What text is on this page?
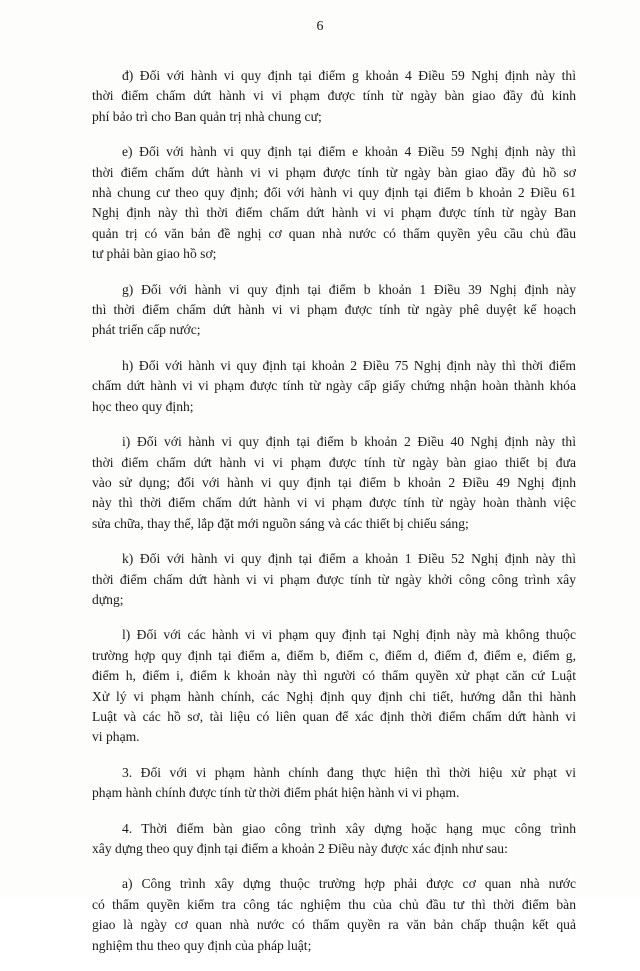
6

đ) Đối với hành vi quy định tại điểm g khoản 4 Điều 59 Nghị định này thì
thời điểm chấm dứt hành vi vi phạm được tính từ ngày bàn giao đầy đủ kinh
phí bảo trì cho Ban quản trị nhà chung cư;

e) Đối với hành vi quy định tại điểm e khoản 4 Điều 59 Nghị định này thì
thời điểm chấm dứt hành vi vi phạm được tính từ ngày bàn giao đầy đủ hồ sơ
nhà chung cư theo quy định; đối với hành vi quy định tại điểm b khoản 2 Điều 61
Nghị định này thì thời điểm chấm dứt hành vi vi phạm được tính từ ngày Ban
quản trị có văn bản đề nghị cơ quan nhà nước có thẩm quyền yêu cầu chủ đầu
tư phải bàn giao hồ sơ;

g) Đối với hành vi quy định tại điểm b khoản 1 Điều 39 Nghị định này
thì thời điểm chấm dứt hành vi vi phạm được tính từ ngày phê duyệt kế hoạch
phát triển cấp nước;

h) Đối với hành vi quy định tại khoản 2 Điều 75 Nghị định này thì thời điểm
chấm dứt hành vi vi phạm được tính từ ngày cấp giấy chứng nhận hoàn thành khóa
học theo quy định;

i) Đối với hành vi quy định tại điểm b khoản 2 Điều 40 Nghị định này thì
thời điểm chấm dứt hành vi vi phạm được tính từ ngày bàn giao thiết bị đưa
vào sử dụng; đối với hành vi quy định tại điểm b khoản 2 Điều 49 Nghị định
này thì thời điểm chấm dứt hành vi vi phạm được tính từ ngày hoàn thành việc
sửa chữa, thay thế, lắp đặt mới nguồn sáng và các thiết bị chiếu sáng;

k) Đối với hành vi quy định tại điểm a khoản 1 Điều 52 Nghị định này thì
thời điểm chấm dứt hành vi vi phạm được tính từ ngày khởi công công trình xây
dựng;

l) Đối với các hành vi vi phạm quy định tại Nghị định này mà không thuộc
trường hợp quy định tại điểm a, điểm b, điểm c, điểm d, điểm đ, điểm e, điểm g,
điểm h, điểm i, điểm k khoản này thì người có thẩm quyền xử phạt căn cứ Luật
Xử lý vi phạm hành chính, các Nghị định quy định chi tiết, hướng dẫn thi hành
Luật và các hồ sơ, tài liệu có liên quan để xác định thời điểm chấm dứt hành vi
vi phạm.

3. Đối với vi phạm hành chính đang thực hiện thì thời hiệu xử phạt vi
phạm hành chính được tính từ thời điểm phát hiện hành vi vi phạm.

4. Thời điểm bàn giao công trình xây dựng hoặc hạng mục công trình
xây dựng theo quy định tại điểm a khoản 2 Điều này được xác định như sau:

a) Công trình xây dựng thuộc trường hợp phải được cơ quan nhà nước
có thẩm quyền kiểm tra công tác nghiệm thu của chủ đầu tư thì thời điểm bàn
giao là ngày cơ quan nhà nước có thẩm quyền ra văn bản chấp thuận kết quả
nghiệm thu theo quy định của pháp luật;
